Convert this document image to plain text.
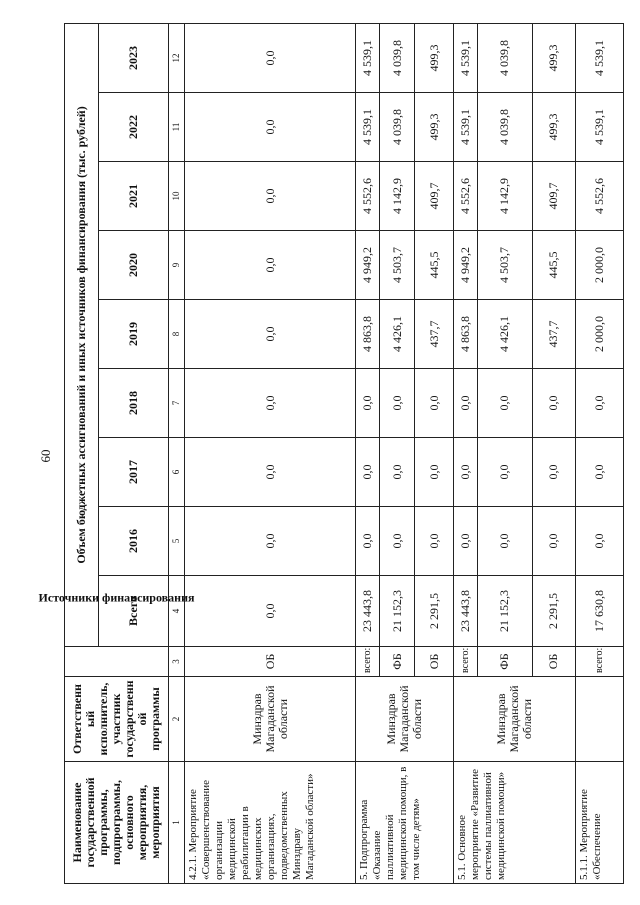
60
Наименование государственной программы, подпрограммы, основного мероприятия, мероприятия	Ответственный исполнитель, участник государственной программы	Источники финансирования	Объем бюджетных ассигнований и иных источников финансирования (тыс. рублей)								
			Всего	2016	2017	2018	2019	2020	2021	2022	2023
1	2	3	4	5	6	7	8	9	10	11	12
4.2.1. Мероприятие «Совершенствование организации медицинской реабилитации в медицинских организациях, подведомственных Минздраву Магаданской области»	Минздрав Магаданской области	ОБ	0,0	0,0	0,0	0,0	0,0	0,0	0,0	0,0	0,0
5. Подпрограмма «Оказание паллиативной медицинской помощи, в том числе детям»	Минздрав Магаданской области	всего:	23 443,8	0,0	0,0	0,0	4 863,8	4 949,2	4 552,6	4 539,1	4 539,1
		ФБ	21 152,3	0,0	0,0	0,0	4 426,1	4 503,7	4 142,9	4 039,8	4 039,8
		ОБ	2 291,5	0,0	0,0	0,0	437,7	445,5	409,7	499,3	499,3
5.1. Основное мероприятие «Развитие системы паллиативной медицинской помощи»	Минздрав Магаданской области	всего:	23 443,8	0,0	0,0	0,0	4 863,8	4 949,2	4 552,6	4 539,1	4 539,1
		ФБ	21 152,3	0,0	0,0	0,0	4 426,1	4 503,7	4 142,9	4 039,8	4 039,8
		ОБ	2 291,5	0,0	0,0	0,0	437,7	445,5	409,7	499,3	499,3
5.1.1. Мероприятие «Обеспечение		всего:	17 630,8	0,0	0,0	0,0	2 000,0	2 000,0	4 552,6	4 539,1	4 539,1
